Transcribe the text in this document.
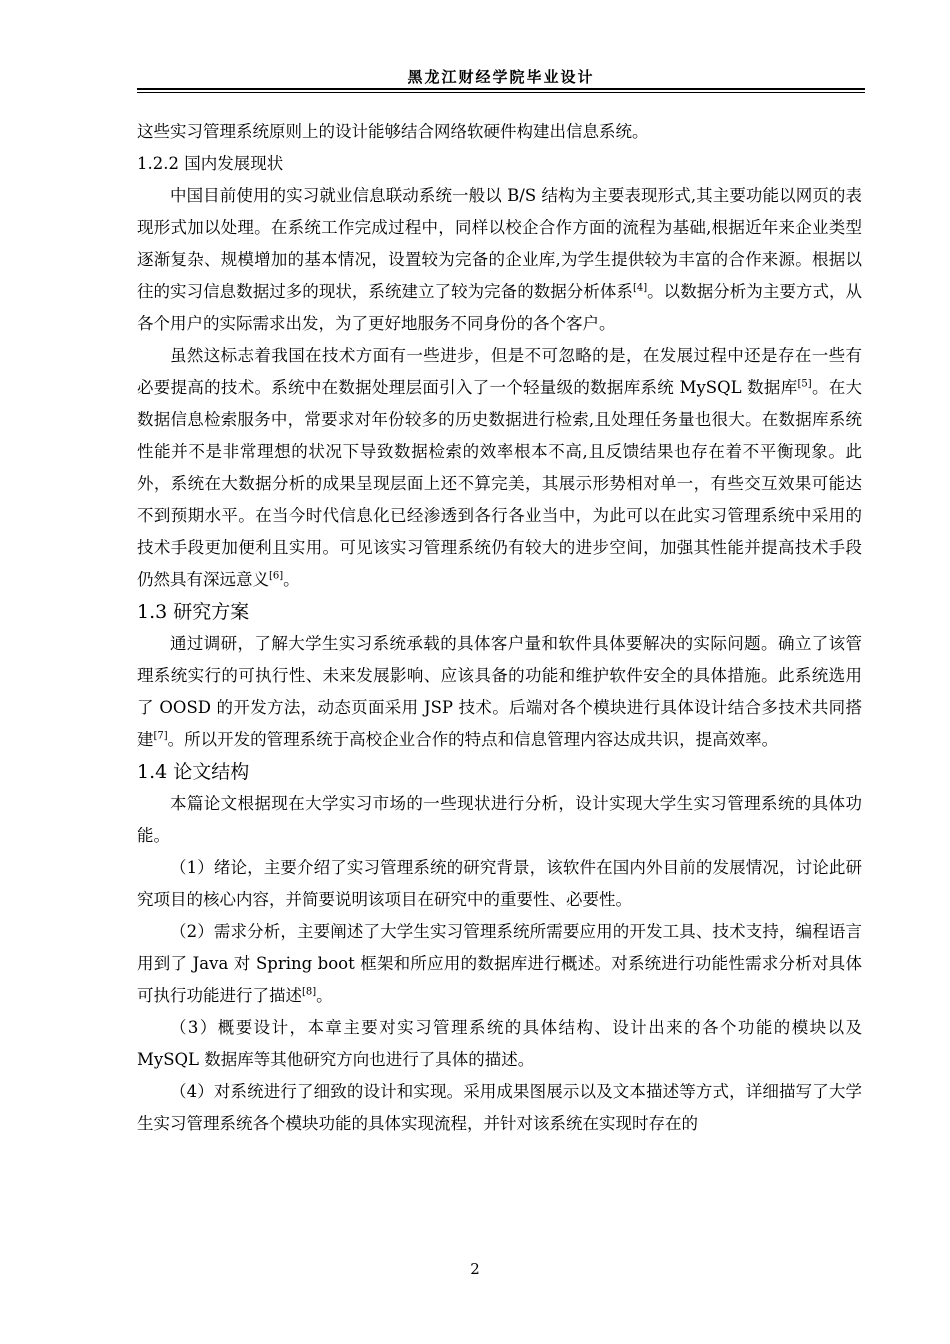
黑龙江财经学院毕业设计

这些实习管理系统原则上的设计能够结合网络软硬件构建出信息系统。

1.2.2 国内发展现状

中国目前使用的实习就业信息联动系统一般以 B/S 结构为主要表现形式,其主要功能以网页的表现形式加以处理。在系统工作完成过程中，同样以校企合作方面的流程为基础,根据近年来企业类型逐渐复杂、规模增加的基本情况，设置较为完备的企业库,为学生提供较为丰富的合作来源。根据以往的实习信息数据过多的现状，系统建立了较为完备的数据分析体系[4]。以数据分析为主要方式，从各个用户的实际需求出发，为了更好地服务不同身份的各个客户。

虽然这标志着我国在技术方面有一些进步，但是不可忽略的是，在发展过程中还是存在一些有必要提高的技术。系统中在数据处理层面引入了一个轻量级的数据库系统 MySQL 数据库[5]。在大数据信息检索服务中，常要求对年份较多的历史数据进行检索,且处理任务量也很大。在数据库系统性能并不是非常理想的状况下导致数据检索的效率根本不高,且反馈结果也存在着不平衡现象。此外，系统在大数据分析的成果呈现层面上还不算完美，其展示形势相对单一，有些交互效果可能达不到预期水平。在当今时代信息化已经渗透到各行各业当中，为此可以在此实习管理系统中采用的技术手段更加便利且实用。可见该实习管理系统仍有较大的进步空间，加强其性能并提高技术手段仍然具有深远意义[6]。

1.3 研究方案

通过调研，了解大学生实习系统承载的具体客户量和软件具体要解决的实际问题。确立了该管理系统实行的可执行性、未来发展影响、应该具备的功能和维护软件安全的具体措施。此系统选用了 OOSD 的开发方法，动态页面采用 JSP 技术。后端对各个模块进行具体设计结合多技术共同搭建[7]。所以开发的管理系统于高校企业合作的特点和信息管理内容达成共识，提高效率。

1.4 论文结构

本篇论文根据现在大学实习市场的一些现状进行分析，设计实现大学生实习管理系统的具体功能。

（1）绪论，主要介绍了实习管理系统的研究背景，该软件在国内外目前的发展情况，讨论此研究项目的核心内容，并简要说明该项目在研究中的重要性、必要性。

（2）需求分析，主要阐述了大学生实习管理系统所需要应用的开发工具、技术支持，编程语言用到了 Java 对 Spring boot 框架和所应用的数据库进行概述。对系统进行功能性需求分析对具体可执行功能进行了描述[8]。

（3）概要设计，本章主要对实习管理系统的具体结构、设计出来的各个功能的模块以及 MySQL 数据库等其他研究方向也进行了具体的描述。

（4）对系统进行了细致的设计和实现。采用成果图展示以及文本描述等方式，详细描写了大学生实习管理系统各个模块功能的具体实现流程，并针对该系统在实现时存在的

2
